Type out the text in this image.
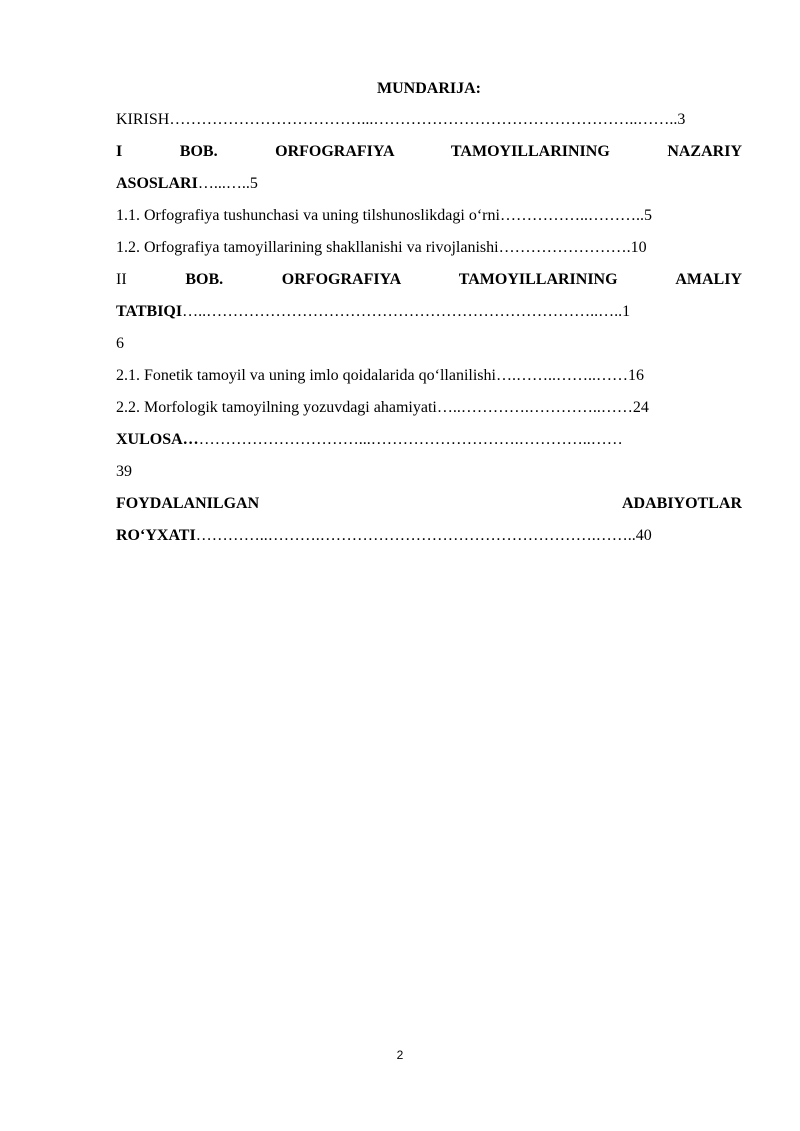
MUNDARIJA:
KIRISH………………………………...…………………………………………..……..3
I BOB. ORFOGRAFIYA TAMOYILLARINING NAZARIY
ASOSLARI…...…..5
1.1. Orfografiya tushunchasi va uning tilshunoslikdagi o‘rni……………..………..5
1.2. Orfografiya tamoyillarining shakllanishi va rivojlanishi…………………….10
II	BOB. ORFOGRAFIYA TAMOYILLARINING AMALIY
TATBIQI…..………………………………………………………………..…..1
6
2.1. Fonetik tamoyil va uning imlo qoidalarida qo‘llanilishi….……..……..……16
2.2. Morfologik tamoyilning yozuvdagi ahamiyati…..………….…………..……24
XULOSA……………………………...……………………….…………..……
39
FOYDALANILGAN ADABIYOTLAR
RO‘YXATI…………..……….…………………………………………….……..40
2
